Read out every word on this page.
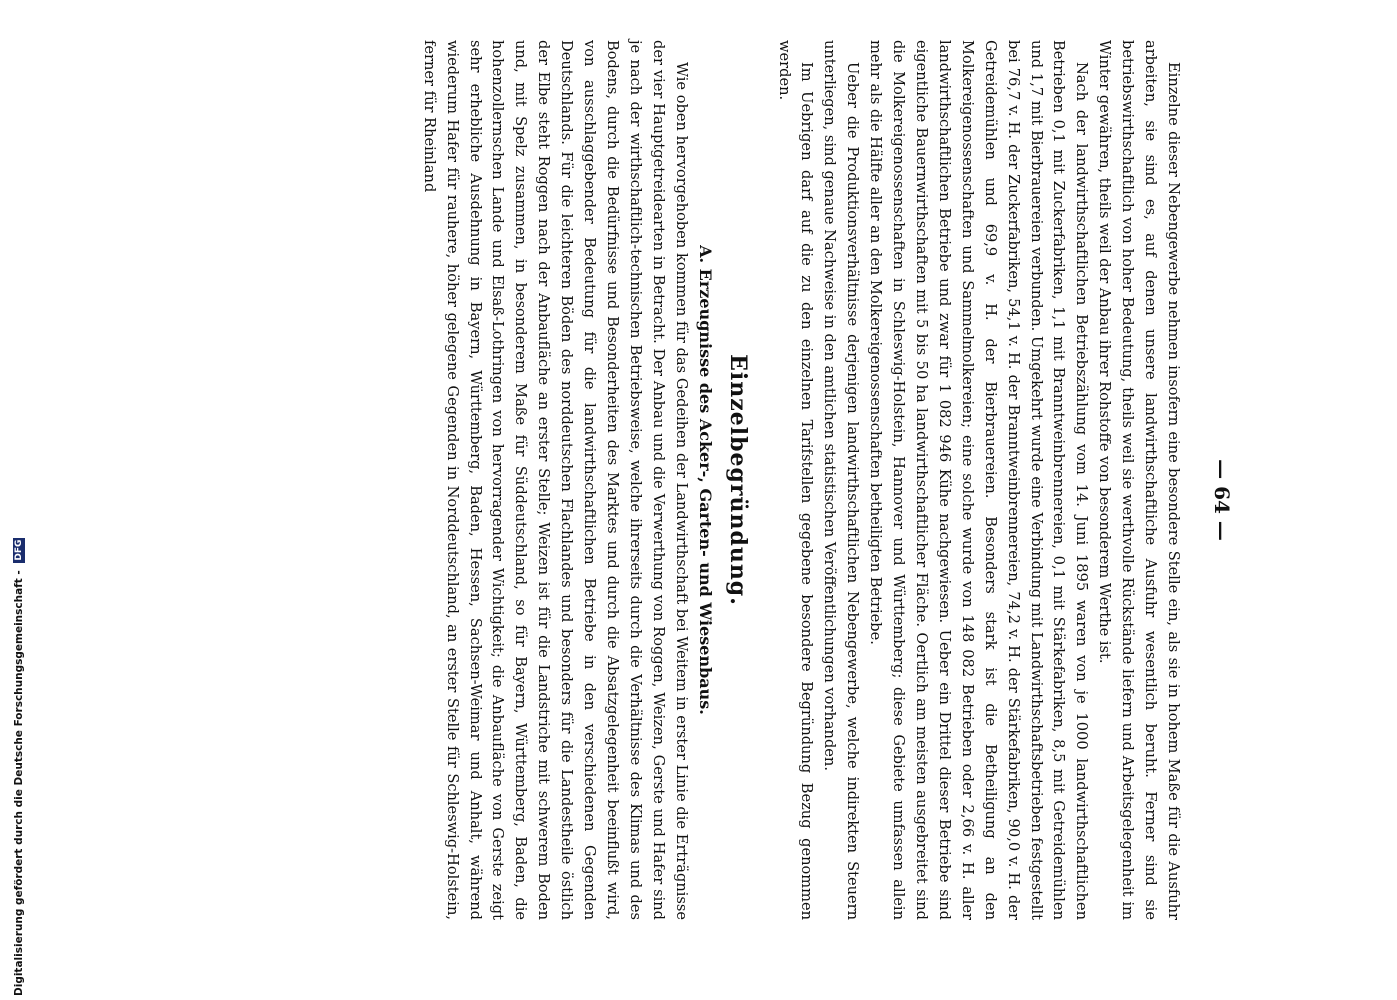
— 64 —

Einzelne dieser Nebengewerbe nehmen insofern eine besondere Stelle ein, als sie in hohem Maße für die Ausfuhr arbeiten, sie sind es, auf denen unsere landwirthschaftliche Ausfuhr wesentlich beruht. Ferner sind sie betriebswirthschaftlich von hoher Bedeutung, theils weil sie werthvolle Rückstände liefern und Arbeitsgelegenheit im Winter gewähren, theils weil der Anbau ihrer Rohstoffe von besonderem Werthe ist.

Nach der landwirthschaftlichen Betriebszählung vom 14. Juni 1895 waren von je 1000 landwirthschaftlichen Betrieben 0,1 mit Zuckerfabriken, 1,1 mit Branntweinbrennereien, 0,1 mit Stärkefabriken, 8,5 mit Getreidemühlen und 1,7 mit Bierbrauereien verbunden. Umgekehrt wurde eine Verbindung mit Landwirthschaftsbetrieben festgestellt bei 76,7 v. H. der Zuckerfabriken, 54,1 v. H. der Branntweinbrennereien, 74,2 v. H. der Stärkefabriken, 90,0 v. H. der Getreidemühlen und 69,9 v. H. der Bierbrauereien. Besonders stark ist die Betheiligung an den Molkereigenossenschaften und Sammelmolkereien; eine solche wurde von 148 082 Betrieben oder 2,66 v. H. aller landwirthschaftlichen Betriebe und zwar für 1 082 946 Kühe nachgewiesen. Ueber ein Drittel dieser Betriebe sind eigentliche Bauernwirthschaften mit 5 bis 50 ha landwirthschaftlicher Fläche. Oertlich am meisten ausgebreitet sind die Molkereigenossenschaften in Schleswig-Holstein, Hannover und Württemberg; diese Gebiete umfassen allein mehr als die Hälfte aller an den Molkereigenossenschaften betheiligten Betriebe.

Ueber die Produktionsverhältnisse derjenigen landwirthschaftlichen Nebengewerbe, welche indirekten Steuern unterliegen, sind genaue Nachweise in den amtlichen statistischen Veröffentlichungen vorhanden.

Im Uebrigen darf auf die zu den einzelnen Tarifstellen gegebene besondere Begründung Bezug genommen werden.

Einzelbegründung.
A. Erzeugnisse des Acker-, Garten- und Wiesenbaus.

Wie oben hervorgehoben kommen für das Gedeihen der Landwirthschaft bei Weitem in erster Linie die Erträgnisse der vier Hauptgetreidearten in Betracht. Der Anbau und die Verwerthung von Roggen, Weizen, Gerste und Hafer sind je nach der wirthschaftlich-technischen Betriebsweise, welche ihrerseits durch die Verhältnisse des Klimas und des Bodens, durch die Bedürfnisse und Besonderheiten des Marktes und durch die Absatzgelegenheit beeinflußt wird, von ausschlaggebender Bedeutung für die landwirthschaftlichen Betriebe in den verschiedenen Gegenden Deutschlands. Für die leichteren Böden des norddeutschen Flachlandes und besonders für die Landestheile östlich der Elbe steht Roggen nach der Anbaufläche an erster Stelle; Weizen ist für die Landstriche mit schwerem Boden und, mit Spelz zusammen, in besonderem Maße für Süddeutschland, so für Bayern, Württemberg, Baden, die hohenzollernschen Lande und Elsaß-Lothringen von hervorragender Wichtigkeit; die Anbaufläche von Gerste zeigt sehr erhebliche Ausdehnung in Bayern, Württemberg, Baden, Hessen, Sachsen-Weimar und Anhalt, während wiederum Hafer für rauhere, höher gelegene Gegenden in Norddeutschland, an erster Stelle für Schleswig-Holstein, ferner für Rheinland

Digitalisierung gefördert durch die Deutsche Forschungsgemeinschaft - DFG
